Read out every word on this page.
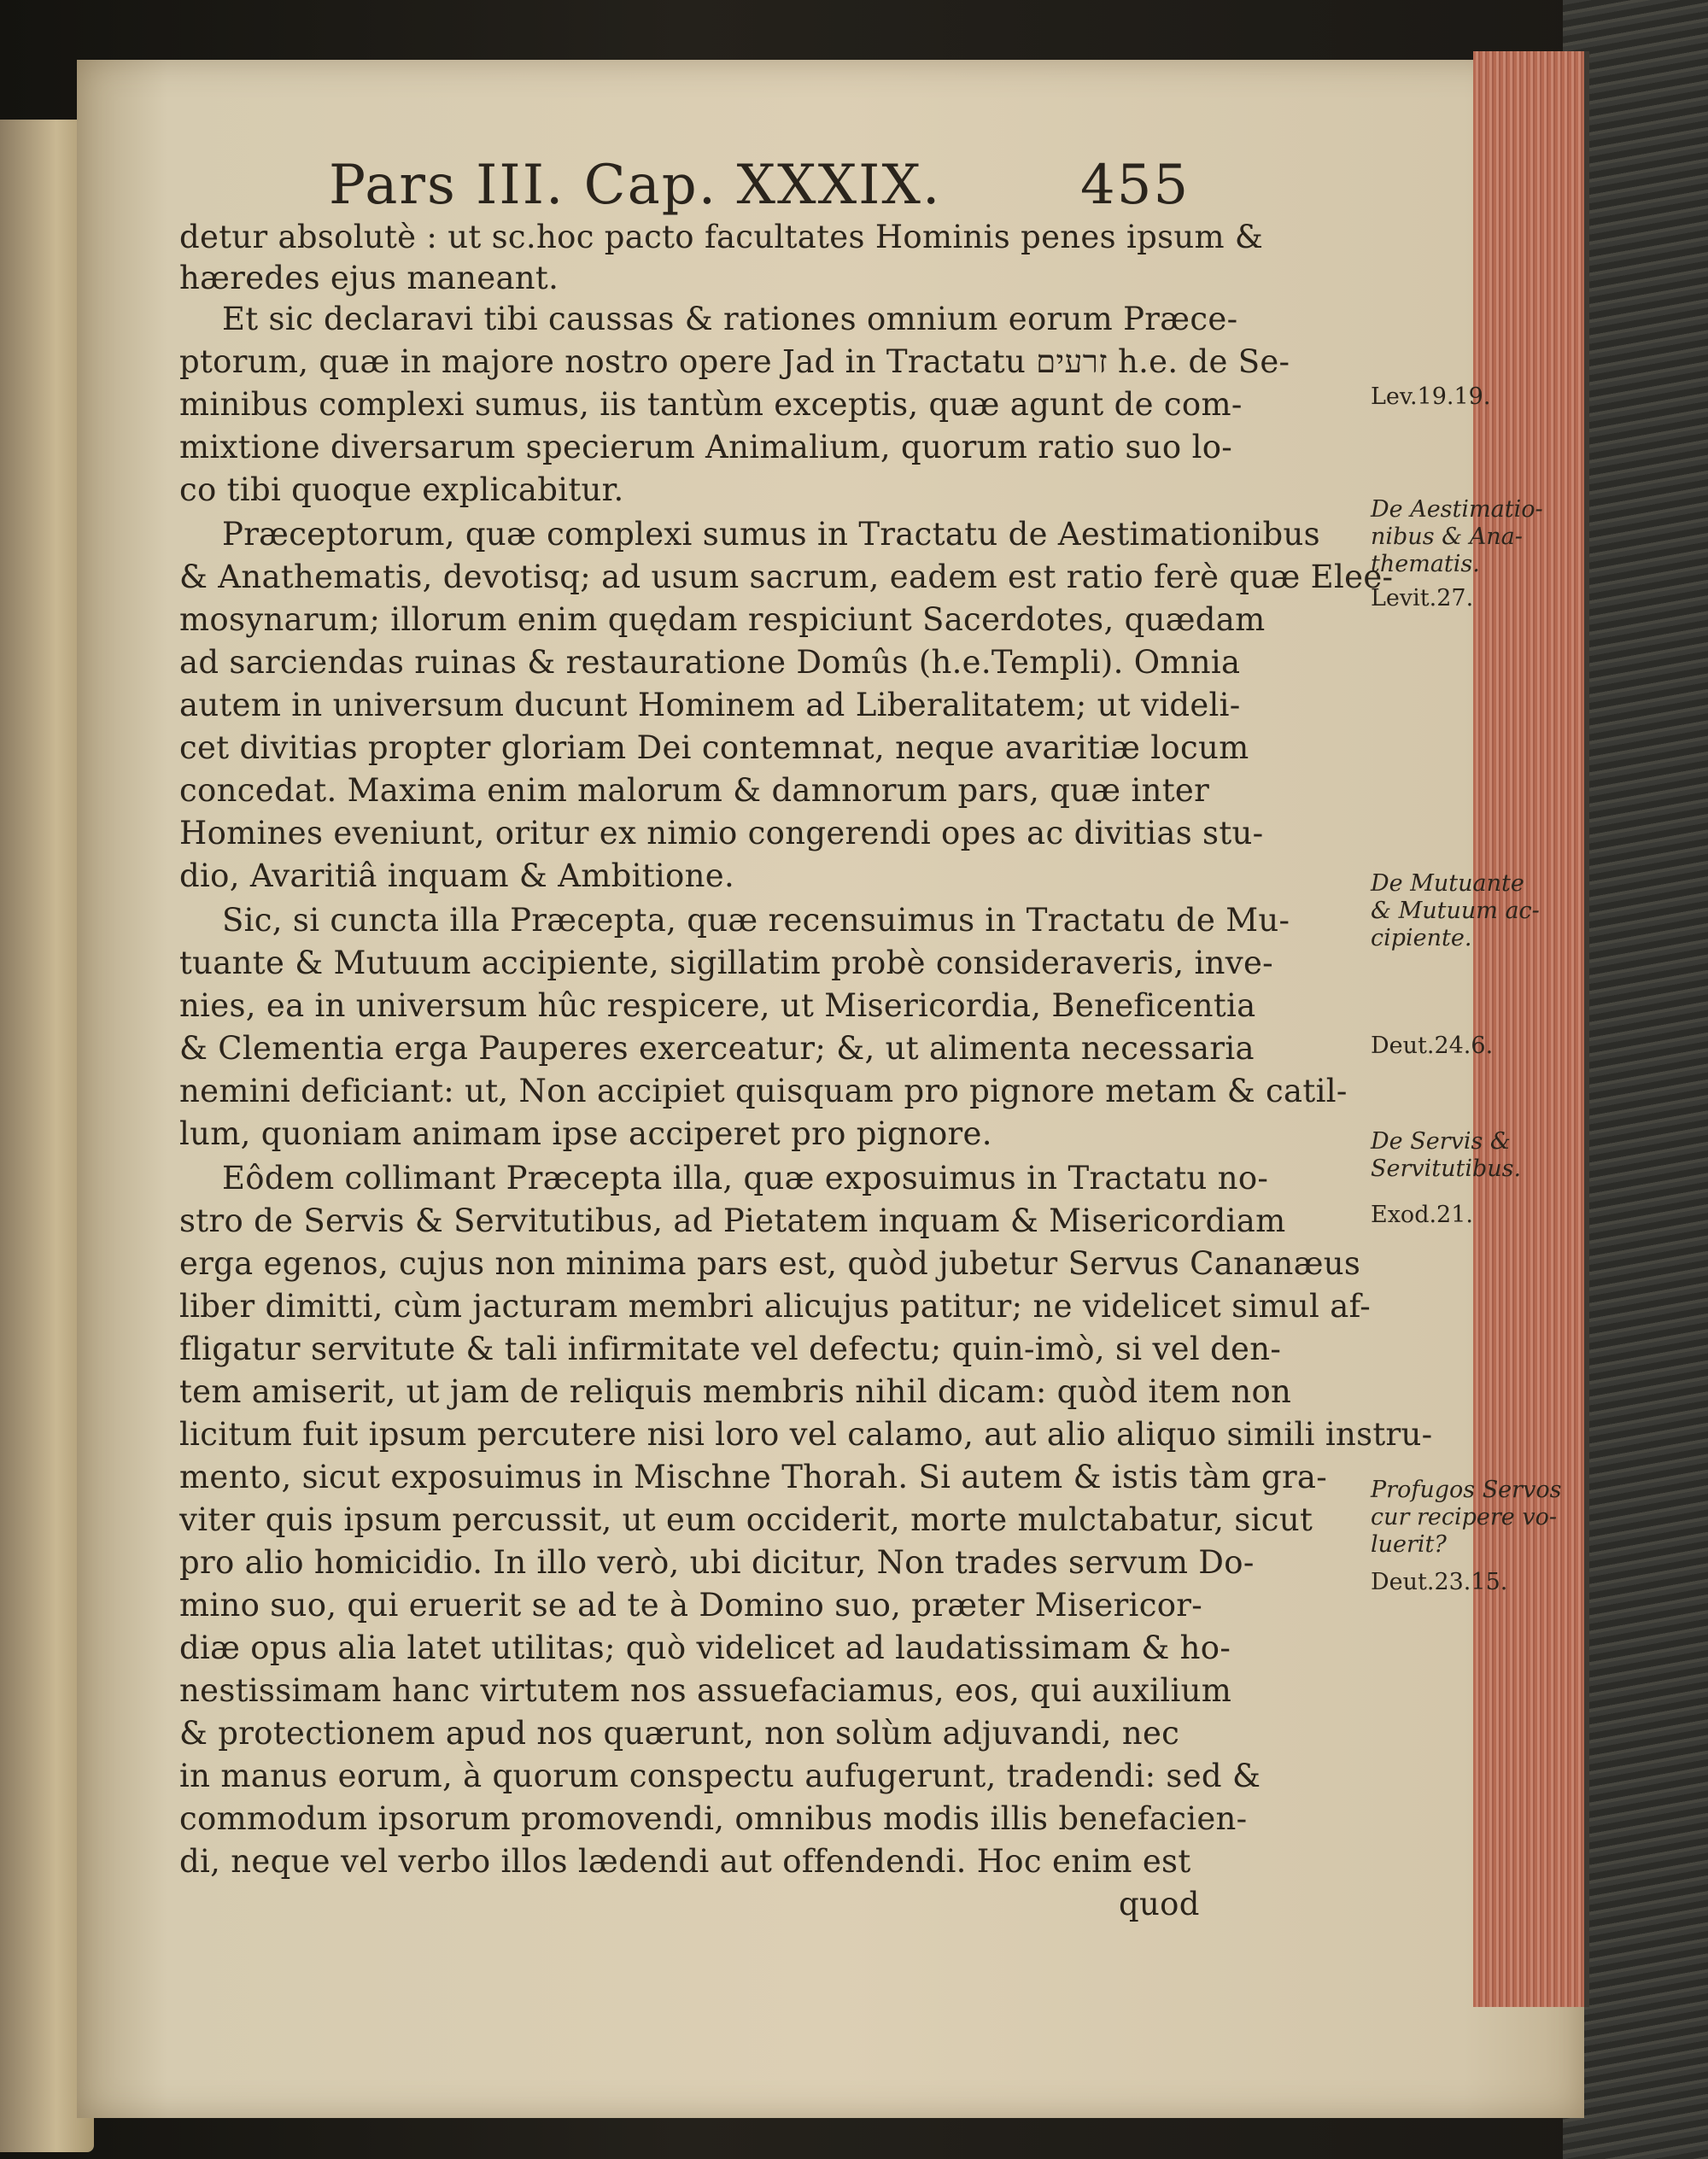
Pars III. Cap. XXXIX.	455
detur absolutè : ut sc.hoc pacto facultates Hominis penes ipsum &
hæredes ejus maneant.
Et sic declaravi tibi caussas & rationes omnium eorum Præce-
ptorum, quæ in majore nostro opere Jad in Tractatu זרעים h.e. de Se-
minibus complexi sumus, iis tantùm exceptis, quæ agunt de com-
mixtione diversarum specierum Animalium, quorum ratio suo lo-
co tibi quoque explicabitur.
Præceptorum, quæ complexi sumus in Tractatu de Aestimationibus
& Anathematis, devotisq; ad usum sacrum, eadem est ratio ferè quæ Elee-
mosynarum; illorum enim quędam respiciunt Sacerdotes, quædam
ad sarciendas ruinas & restauratione Domûs (h.e.Templi). Omnia
autem in universum ducunt Hominem ad Liberalitatem; ut videli-
cet divitias propter gloriam Dei contemnat, neque avaritiæ locum
concedat. Maxima enim malorum & damnorum pars, quæ inter
Homines eveniunt, oritur ex nimio congerendi opes ac divitias stu-
dio, Avaritiâ inquam & Ambitione.
Sic, si cuncta illa Præcepta, quæ recensuimus in Tractatu de Mu-
tuante & Mutuum accipiente, sigillatim probè consideraveris, inve-
nies, ea in universum hûc respicere, ut Misericordia, Beneficentia
& Clementia erga Pauperes exerceatur; &, ut alimenta necessaria
nemini deficiant: ut, Non accipiet quisquam pro pignore metam & catil-
lum, quoniam animam ipse acciperet pro pignore.
Eôdem collimant Præcepta illa, quæ exposuimus in Tractatu no-
stro de Servis & Servitutibus, ad Pietatem inquam & Misericordiam
erga egenos, cujus non minima pars est, quòd jubetur Servus Cananæus
liber dimitti, cùm jacturam membri alicujus patitur; ne videlicet simul af-
fligatur servitute & tali infirmitate vel defectu; quin-imò, si vel den-
tem amiserit, ut jam de reliquis membris nihil dicam: quòd item non
licitum fuit ipsum percutere nisi loro vel calamo, aut alio aliquo simili instru-
mento, sicut exposuimus in Mischne Thorah. Si autem & istis tàm gra-
viter quis ipsum percussit, ut eum occiderit, morte mulctabatur, sicut
pro alio homicidio. In illo verò, ubi dicitur, Non trades servum Do-
mino suo, qui eruerit se ad te à Domino suo, præter Misericor-
diæ opus alia latet utilitas; quò videlicet ad laudatissimam & ho-
nestissimam hanc virtutem nos assuefaciamus, eos, qui auxilium
& protectionem apud nos quærunt, non solùm adjuvandi, nec
in manus eorum, à quorum conspectu aufugerunt, tradendi: sed &
commodum ipsorum promovendi, omnibus modis illis benefacien-
di, neque vel verbo illos lædendi aut offendendi. Hoc enim est
quod
Lev.19.19.
De Aestimatio-
nibus & Ana-
thematis.
Levit.27.
De Mutuante
& Mutuum ac-
cipiente.
Deut.24.6.
De Servis &
Servitutibus.
Exod.21.
Profugos Servos
cur recipere vo-
luerit?
Deut.23.15.
